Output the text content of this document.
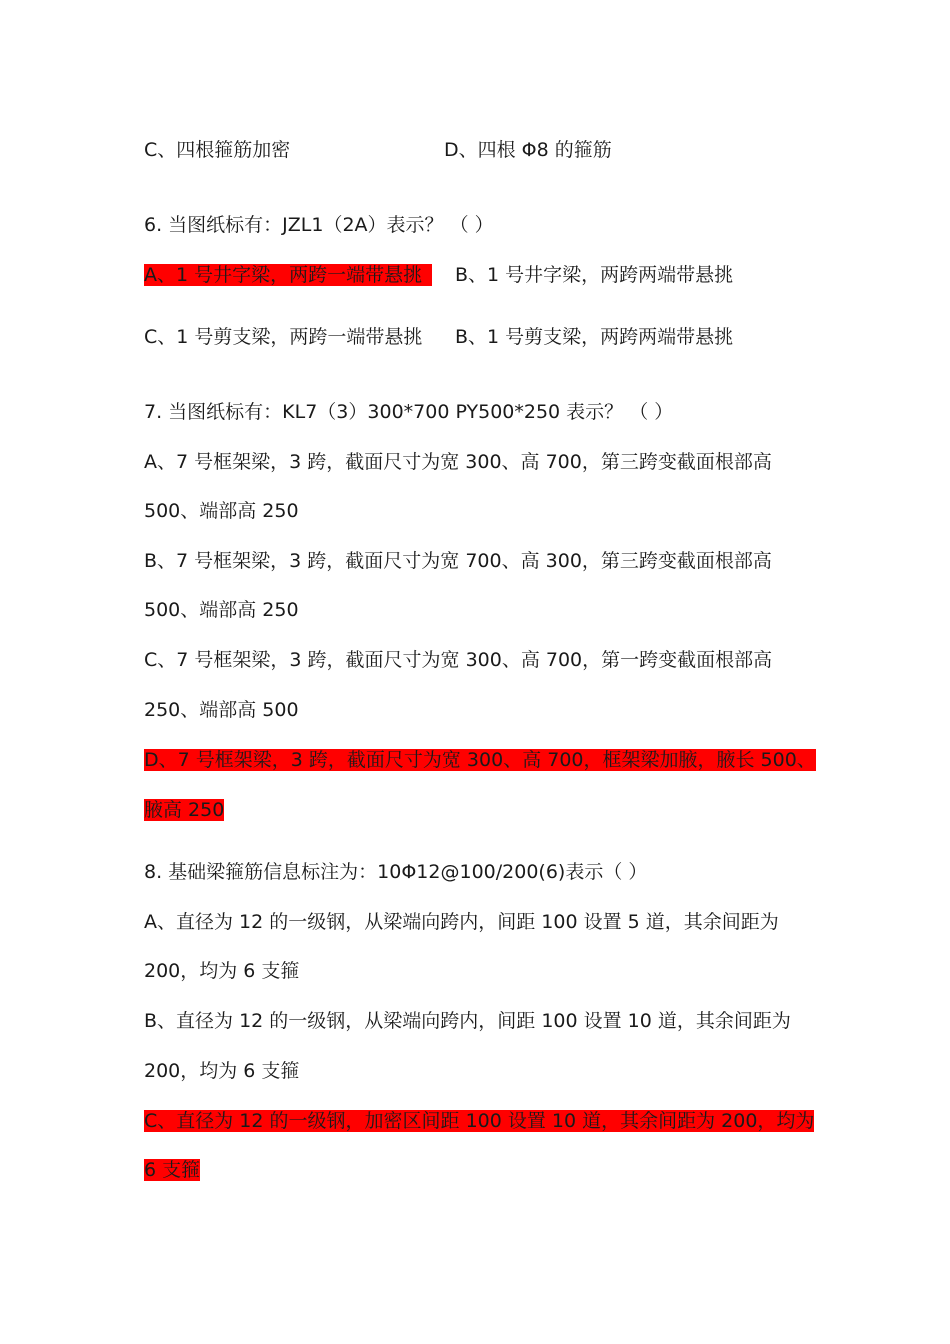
C、四根箍筋加密	D、四根 Φ8 的箍筋
6. 当图纸标有：JZL1（2A）表示？ （ ）
A、1 号井字梁，两跨一端带悬挑 B、1 号井字梁，两跨两端带悬挑
C、1 号剪支梁，两跨一端带悬挑 B、1 号剪支梁，两跨两端带悬挑
7. 当图纸标有：KL7（3）300*700 PY500*250 表示？ （ ）
A、7 号框架梁，3 跨，截面尺寸为宽 300、高 700，第三跨变截面根部高
500、端部高 250
B、7 号框架梁，3 跨，截面尺寸为宽 700、高 300，第三跨变截面根部高
500、端部高 250
C、7 号框架梁，3 跨，截面尺寸为宽 300、高 700，第一跨变截面根部高
250、端部高 500
D、7 号框架梁，3 跨，截面尺寸为宽 300、高 700，框架梁加腋，腋长 500、
腋高 250
8. 基础梁箍筋信息标注为：10Φ12@100/200(6)表示（ ）
A、直径为 12 的一级钢，从梁端向跨内，间距 100 设置 5 道，其余间距为
200，均为 6 支箍
B、直径为 12 的一级钢，从梁端向跨内，间距 100 设置 10 道，其余间距为
200，均为 6 支箍
C、直径为 12 的一级钢，加密区间距 100 设置 10 道，其余间距为 200，均为
6 支箍
